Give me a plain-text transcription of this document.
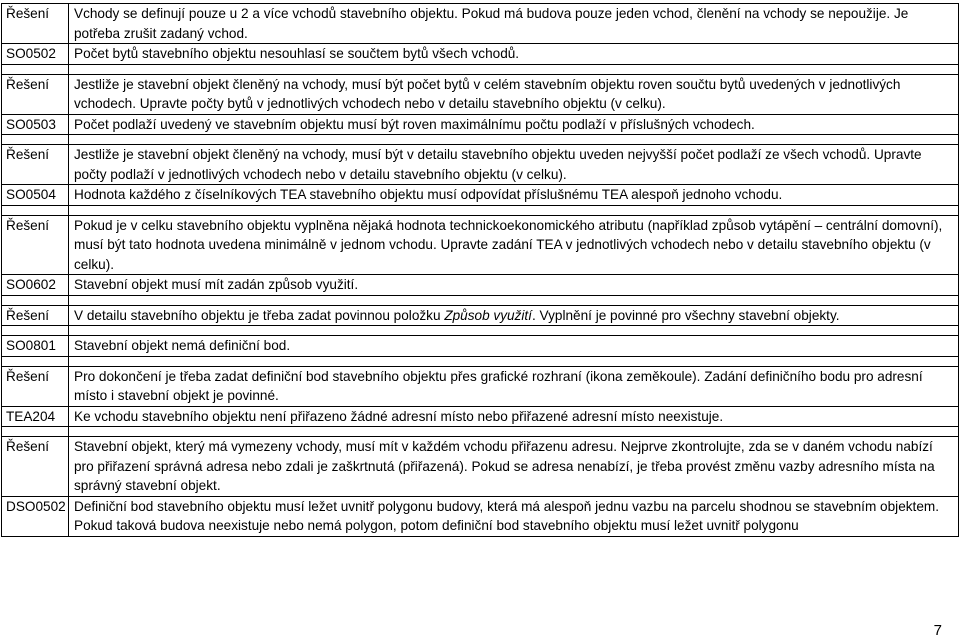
Řešení	Vchody se definují pouze u 2 a více vchodů stavebního objektu. Pokud má budova pouze jeden vchod, členění na vchody se nepoužije. Je potřeba zrušit zadaný vchod.
SO0502	Počet bytů stavebního objektu nesouhlasí se součtem bytů všech vchodů.

Řešení	Jestliže je stavební objekt členěný na vchody, musí být počet bytů v celém stavebním objektu roven součtu bytů uvedených v jednotlivých vchodech. Upravte počty bytů v jednotlivých vchodech nebo v detailu stavebního objektu (v celku).
SO0503	Počet podlaží uvedený ve stavebním objektu musí být roven maximálnímu počtu podlaží v příslušných vchodech.

Řešení	Jestliže je stavební objekt členěný na vchody, musí být v detailu stavebního objektu uveden nejvyšší počet podlaží ze všech vchodů. Upravte počty podlaží v jednotlivých vchodech nebo v detailu stavebního objektu (v celku).
SO0504	Hodnota každého z číselníkových TEA stavebního objektu musí odpovídat příslušnému TEA alespoň jednoho vchodu.

Řešení	Pokud je v celku stavebního objektu vyplněna nějaká hodnota technickoekonomického atributu (například způsob vytápění – centrální domovní), musí být tato hodnota uvedena minimálně v jednom vchodu. Upravte zadání TEA v jednotlivých vchodech nebo v detailu stavebního objektu (v celku).
SO0602	Stavební objekt musí mít zadán způsob využití.

Řešení	V detailu stavebního objektu je třeba zadat povinnou položku Způsob využití. Vyplnění je povinné pro všechny stavební objekty.

SO0801	Stavební objekt nemá definiční bod.

Řešení	Pro dokončení je třeba zadat definiční bod stavebního objektu přes grafické rozhraní (ikona zeměkoule). Zadání definičního bodu pro adresní místo i stavební objekt je povinné.
TEA204	Ke vchodu stavebního objektu není přiřazeno žádné adresní místo nebo přiřazené adresní místo neexistuje.

Řešení	Stavební objekt, který má vymezeny vchody, musí mít v každém vchodu přiřazenu adresu. Nejprve zkontrolujte, zda se v daném vchodu nabízí pro přiřazení správná adresa nebo zdali je zaškrtnutá (přiřazená). Pokud se adresa nenabízí, je třeba provést změnu vazby adresního místa na správný stavební objekt.
DSO0502	Definiční bod stavebního objektu musí ležet uvnitř polygonu budovy, která má alespoň jednu vazbu na parcelu shodnou se stavebním objektem. Pokud taková budova neexistuje nebo nemá polygon, potom definiční bod stavebního objektu musí ležet uvnitř polygonu
7
